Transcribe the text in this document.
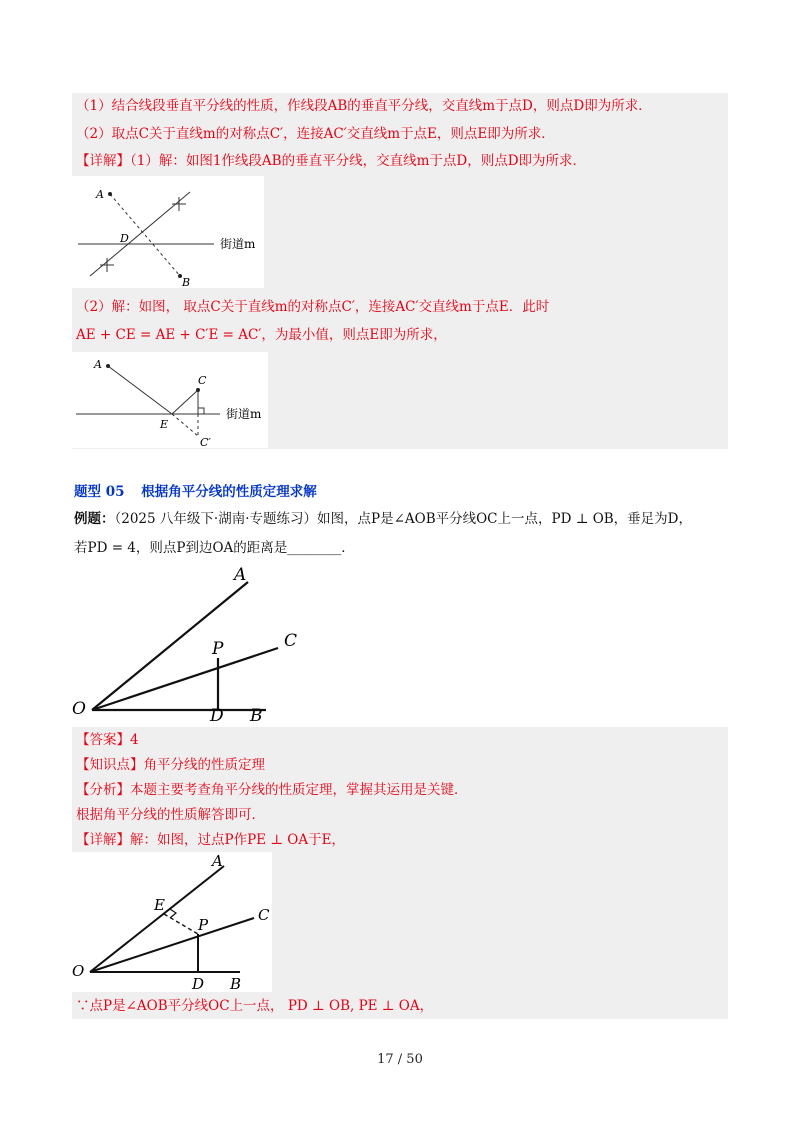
（1）结合线段垂直平分线的性质，作线段AB的垂直平分线，交直线m于点D，则点D即为所求．
（2）取点C关于直线m的对称点C′，连接AC′交直线m于点E，则点E即为所求．
【详解】（1）解：如图1作线段AB的垂直平分线，交直线m于点D，则点D即为所求．
A
B
D	街道m
（2）解：如图， 取点C关于直线m的对称点C′，连接AC′交直线m于点E．此时
AE + CE = AE + C′E = AC′，为最小值，则点E即为所求，
A
C
E
C′
街道m
题型 05 根据角平分线的性质定理求解
例题：（2025 八年级下·湖南·专题练习）如图，点P是∠AOB平分线OC上一点，PD ⊥ OB，垂足为D，
若PD = 4，则点P到边OA的距离是________．
A
C
P
O	D B
【答案】4
【知识点】角平分线的性质定理
【分析】本题主要考查角平分线的性质定理，掌握其运用是关键．
根据角平分线的性质解答即可．
【详解】解：如图，过点P作PE ⊥ OA于E，
A
E
C
P
O
D B
∵点P是∠AOB平分线OC上一点， PD ⊥ OB, PE ⊥ OA，
17 / 50
